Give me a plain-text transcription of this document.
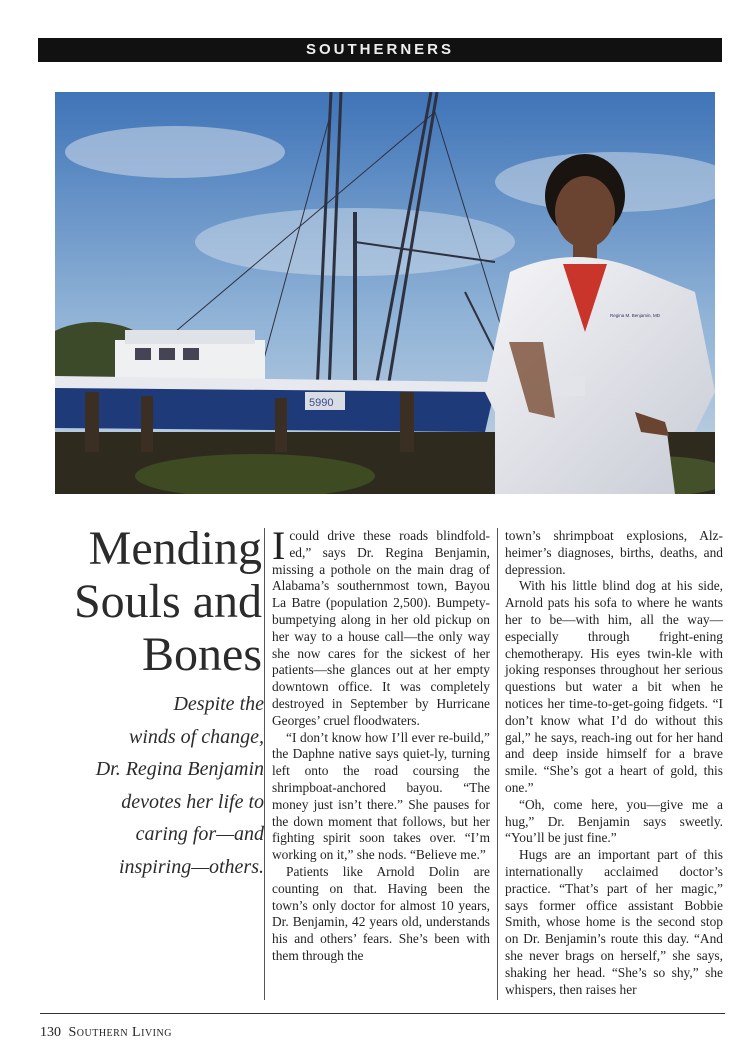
SOUTHERNERS
5990
Regina M. Benjamin, MD
Mending
Souls and
Bones
Despite the
winds of change,
Dr. Regina Benjamin
devotes her life to
caring for—and
inspiring—others.

Icould drive these roads blindfold-ed,” says Dr. Regina Benjamin, missing a pothole on the main drag of Alabama’s southernmost town, Bayou La Batre (population 2,500). Bumpety-bumpetying along in her old pickup on her way to a house call—the only way she now cares for the sickest of her patients—she glances out at her empty downtown office. It was completely destroyed in September by Hurricane Georges’ cruel floodwaters.

“I don’t know how I’ll ever re-build,” the Daphne native says quiet-ly, turning left onto the road coursing the shrimpboat-anchored bayou. “The money just isn’t there.” She pauses for the down moment that follows, but her fighting spirit soon takes over. “I’m working on it,” she nods. “Believe me.”

Patients like Arnold Dolin are counting on that. Having been the town’s only doctor for almost 10 years, Dr. Benjamin, 42 years old, understands his and others’ fears. She’s been with them through the

town’s shrimpboat explosions, Alz-heimer’s diagnoses, births, deaths, and depression.

With his little blind dog at his side, Arnold pats his sofa to where he wants her to be—with him, all the way—especially through fright-ening chemotherapy. His eyes twin-kle with joking responses throughout her serious questions but water a bit when he notices her time-to-get-going fidgets. “I don’t know what I’d do without this gal,” he says, reach-ing out for her hand and deep inside himself for a brave smile. “She’s got a heart of gold, this one.”

“Oh, come here, you—give me a hug,” Dr. Benjamin says sweetly. “You’ll be just fine.”

Hugs are an important part of this internationally acclaimed doctor’s practice. “That’s part of her magic,” says former office assistant Bobbie Smith, whose home is the second stop on Dr. Benjamin’s route this day. “And she never brags on herself,” she says, shaking her head. “She’s so shy,” she whispers, then raises her

130 Southern Living
